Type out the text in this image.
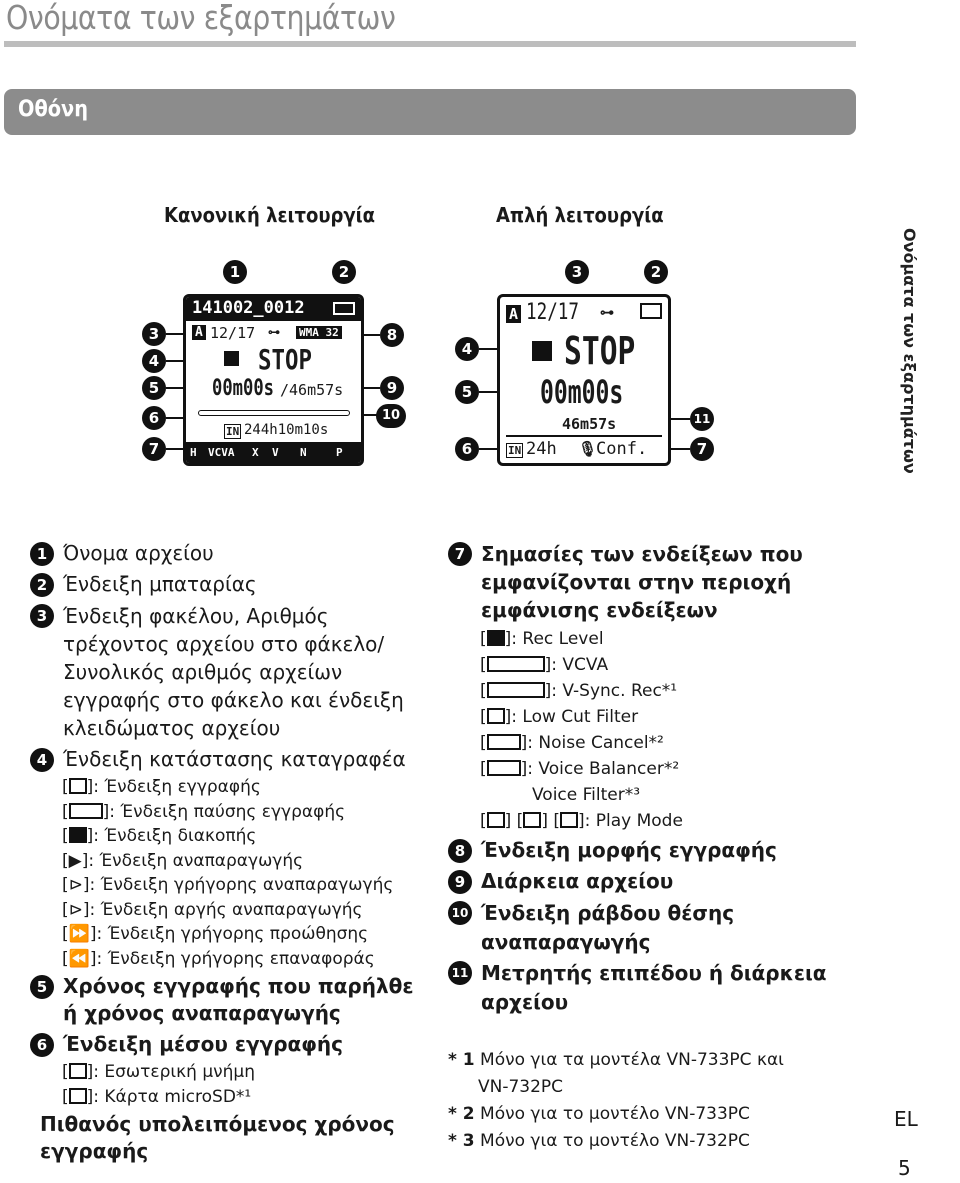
Ονόματα των εξαρτημάτων
Οθόνη
Κανονική λειτουργία	Απλή λειτουργία
Ονόματα των εξαρτημάτων
1	2
3
4
5
6
7
8
9
10
141002_0012
A 12/17 ⊶ WMA 32
STOP
00m00s /46m57s
IN 244h10m10s
H VCVA X V N	P
3	2
4
5
6
11
7
A 12/17 ⊶
STOP
00m00s
46m57s
IN 24h 🎙
Conf.
1 Όνομα αρχείου
2 Ένδειξη μπαταρίας
3 Ένδειξη φακέλου, Αριθμός
τρέχοντος αρχείου στο φάκελο/
Συνολικός αριθμός αρχείων
εγγραφής στο φάκελο και ένδειξη
κλειδώματος αρχείου
4 Ένδειξη κατάστασης καταγραφέα
[ ]: Ένδειξη εγγραφής
[ ]: Ένδειξη παύσης εγγραφής
[ ]: Ένδειξη διακοπής
[▶]: Ένδειξη αναπαραγωγής
[⊳]: Ένδειξη γρήγορης αναπαραγωγής
[⊳]: Ένδειξη αργής αναπαραγωγής
[⏩]: Ένδειξη γρήγορης προώθησης
[⏪]: Ένδειξη γρήγορης επαναφοράς
5 Χρόνος εγγραφής που παρήλθε
ή χρόνος αναπαραγωγής
6 Ένδειξη μέσου εγγραφής
[ ]: Εσωτερική μνήμη
[ ]: Κάρτα microSD*¹
Πιθανός υπολειπόμενος χρόνος
εγγραφής
7 Σημασίες των ενδείξεων που
εμφανίζονται στην περιοχή
εμφάνισης ενδείξεων
[ ]: Rec Level
[	]: VCVA
[	]: V-Sync. Rec*¹
[ ]: Low Cut Filter
[ ]: Noise Cancel*²
[ ]: Voice Balancer*²
Voice Filter*³
[ ] [ ] [ ]: Play Mode
8 Ένδειξη μορφής εγγραφής
9 Διάρκεια αρχείου
10 Ένδειξη ράβδου θέσης
αναπαραγωγής
11 Μετρητής επιπέδου ή διάρκεια
αρχείου
* 1 Μόνο για τα μοντέλα VN-733PC και
VN-732PC
* 2 Μόνο για το μοντέλο VN-733PC
* 3 Μόνο για το μοντέλο VN-732PC
EL
5
